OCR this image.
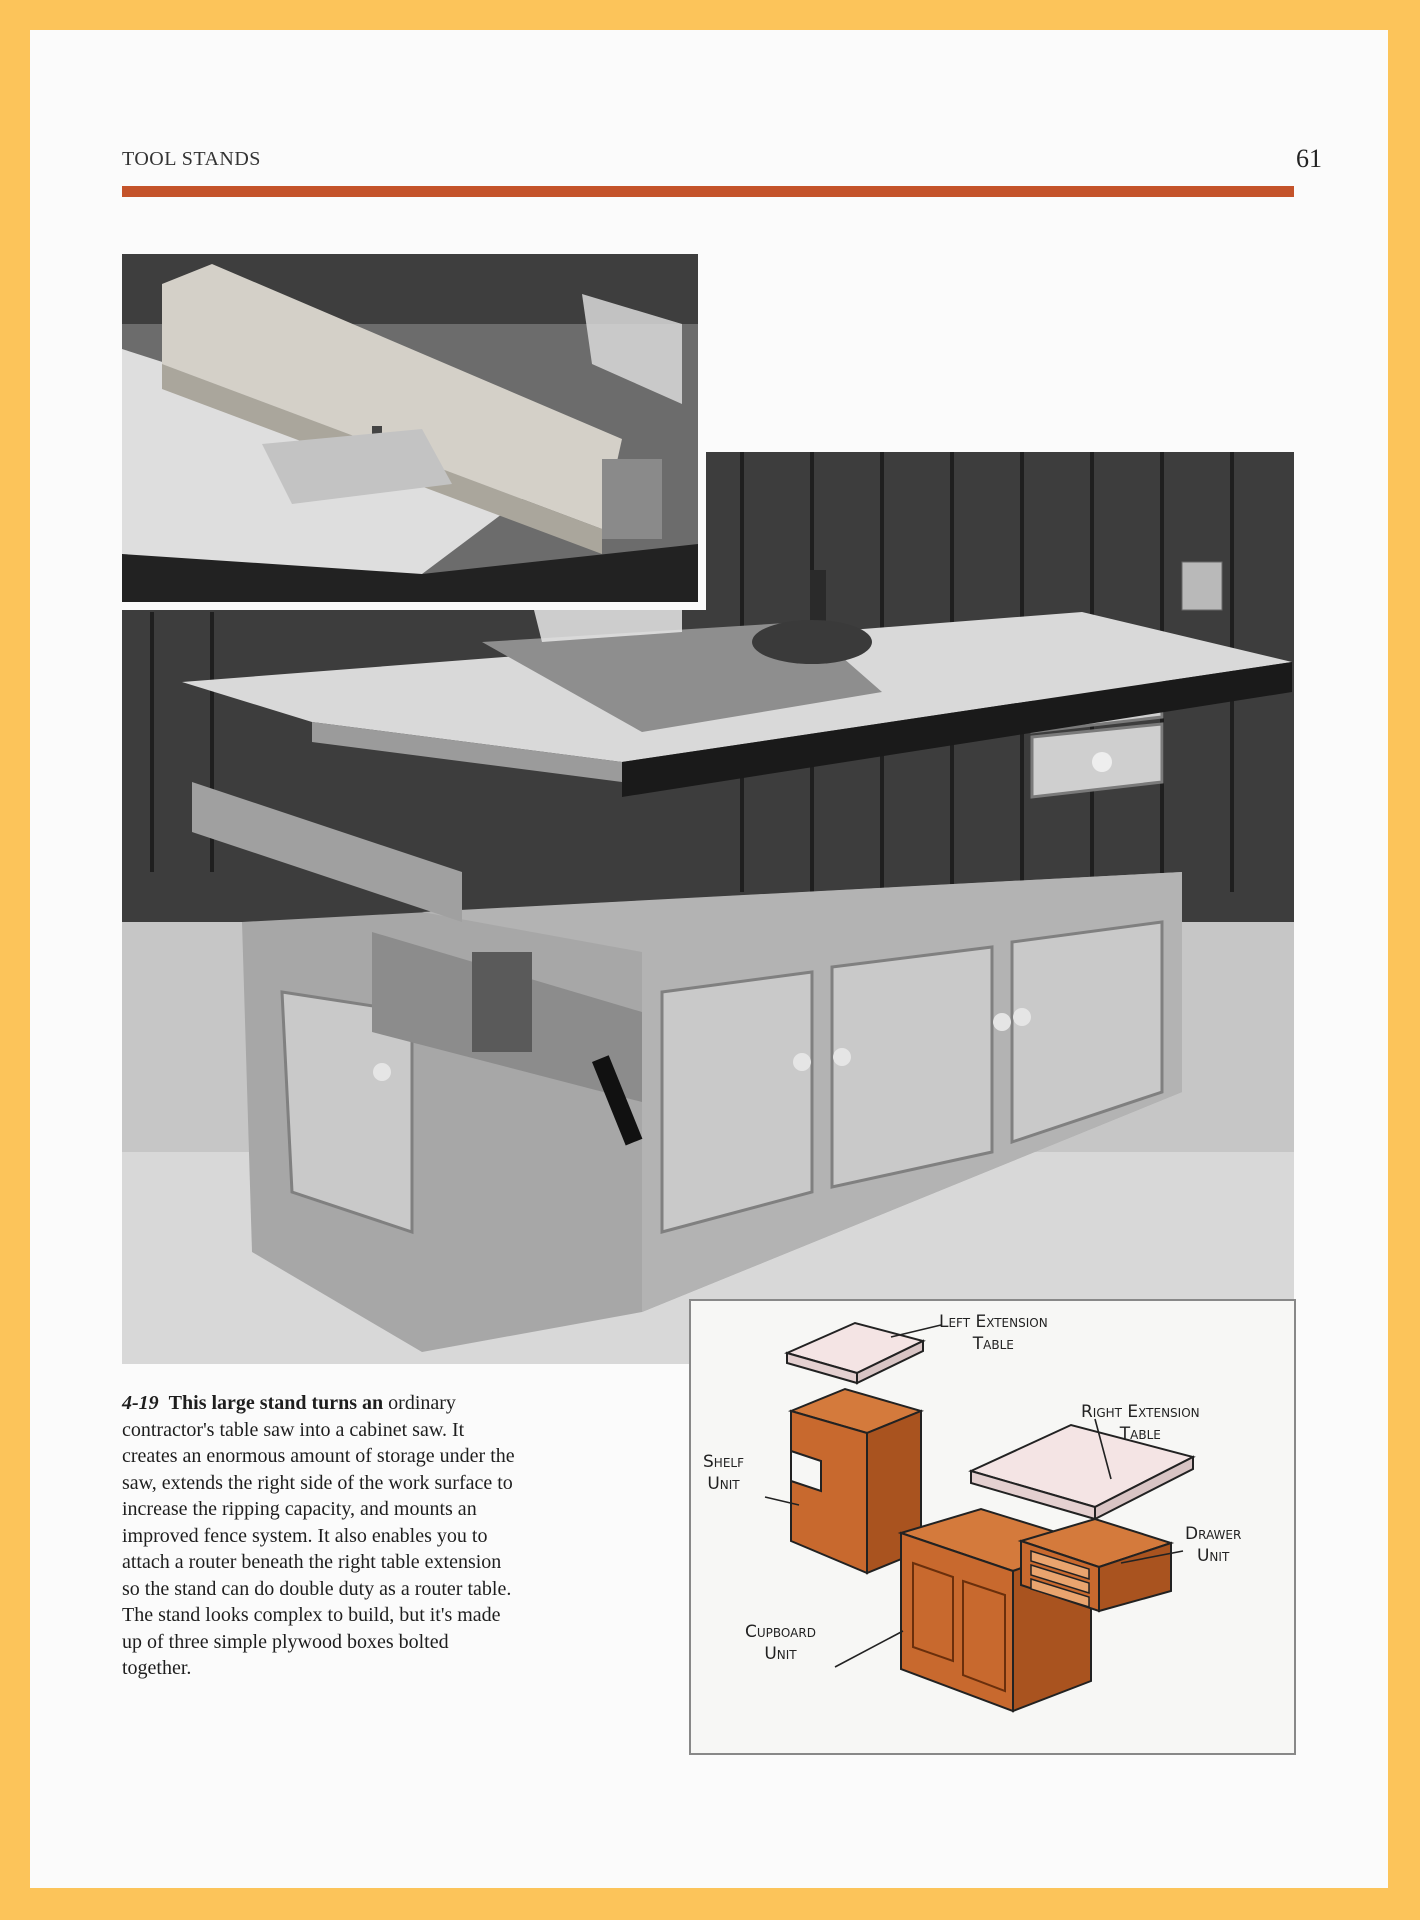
TOOL STANDS	61
4-19 This large stand turns an ordinary contractor's table saw into a cabinet saw. It creates an enormous amount of storage under the saw, extends the right side of the work surface to increase the ripping capacity, and mounts an improved fence system. It also enables you to attach a router beneath the right table extension so the stand can do double duty as a router table. The stand looks complex to build, but it's made up of three simple plywood boxes bolted together.
Left Extension
Table
Right Extension
Table
Shelf
Unit
Drawer
Unit
Cupboard
Unit
